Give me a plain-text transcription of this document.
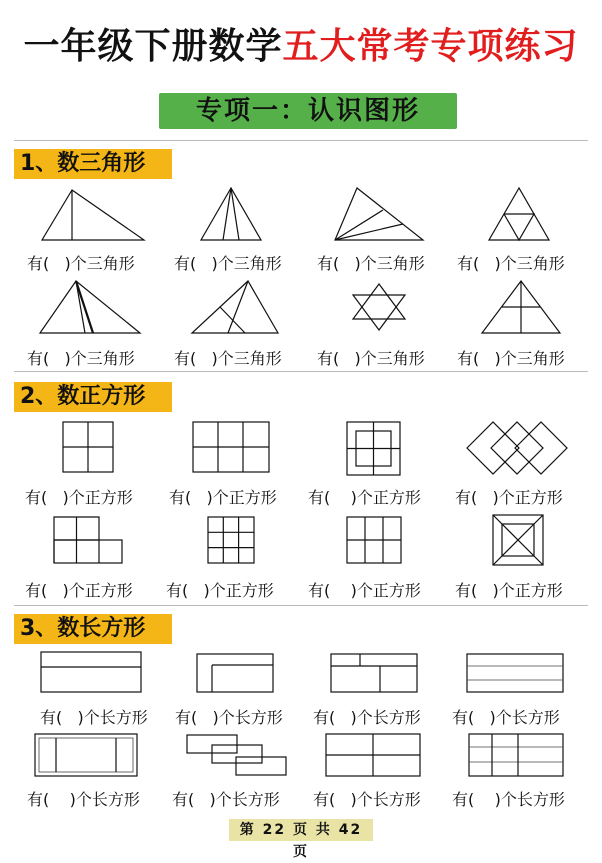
一年级下册数学五大常考专项练习
专项一：认识图形
1、数三角形
有(   )个三角形 有(   )个三角形 有(   )个三角形 有(   )个三角形
有(   )个三角形 有(   )个三角形 有(   )个三角形 有(   )个三角形
2、数正方形
有(   )个正方形 有(   )个正方形 有(    )个正方形 有(   )个正方形
有(   )个正方形 有(   )个正方形 有(    )个正方形 有(   )个正方形
3、数长方形
有(   )个长方形 有(   )个长方形 有(   )个长方形 有(   )个长方形
有(    )个长方形 有(   )个长方形 有(   )个长方形 有(    )个长方形
第 22 页 共 42 页
